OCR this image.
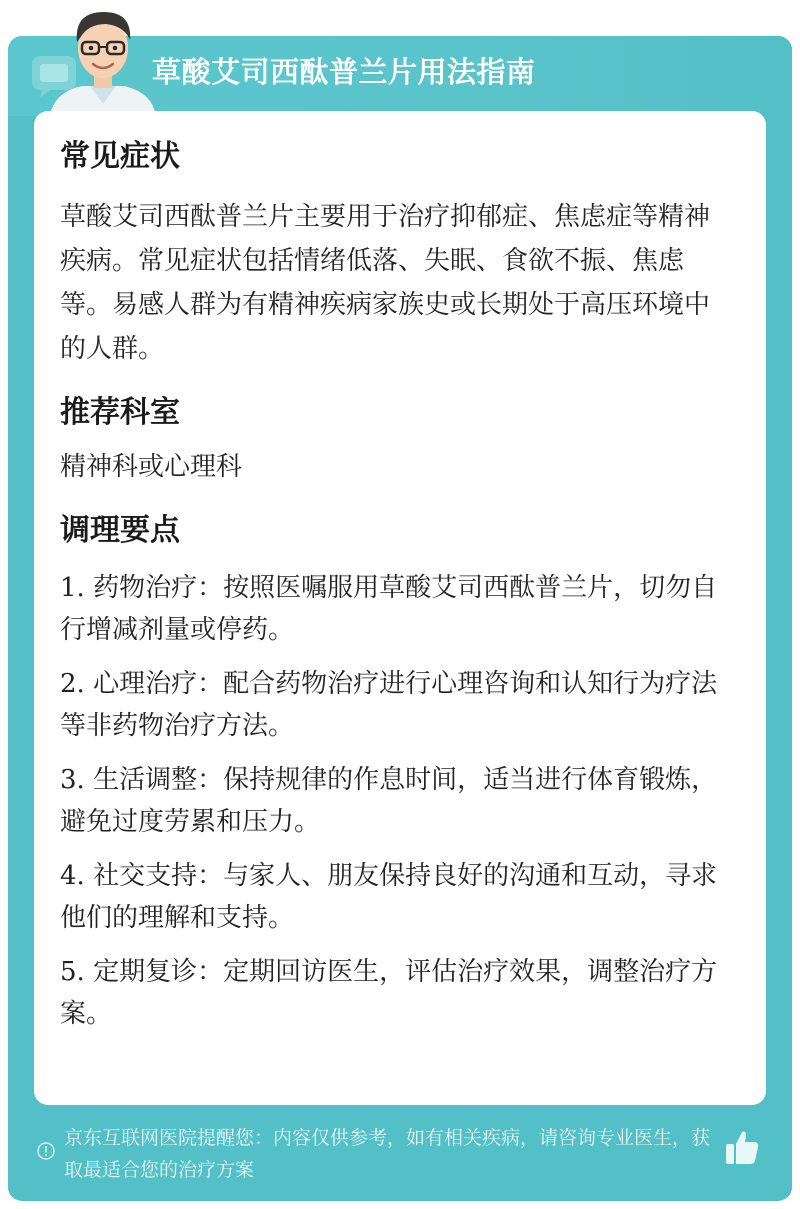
草酸艾司西酞普兰片用法指南
常见症状

草酸艾司西酞普兰片主要用于治疗抑郁症、焦虑症等精神疾病。常见症状包括情绪低落、失眠、食欲不振、焦虑等。易感人群为有精神疾病家族史或长期处于高压环境中的人群。

推荐科室

精神科或心理科

调理要点

1. 药物治疗：按照医嘱服用草酸艾司西酞普兰片，切勿自行增减剂量或停药。

2. 心理治疗：配合药物治疗进行心理咨询和认知行为疗法等非药物治疗方法。

3. 生活调整：保持规律的作息时间，适当进行体育锻炼，避免过度劳累和压力。

4. 社交支持：与家人、朋友保持良好的沟通和互动，寻求他们的理解和支持。

5. 定期复诊：定期回访医生，评估治疗效果，调整治疗方案。

京东互联网医院提醒您：内容仅供参考，如有相关疾病，请咨询专业医生，获取最适合您的治疗方案
